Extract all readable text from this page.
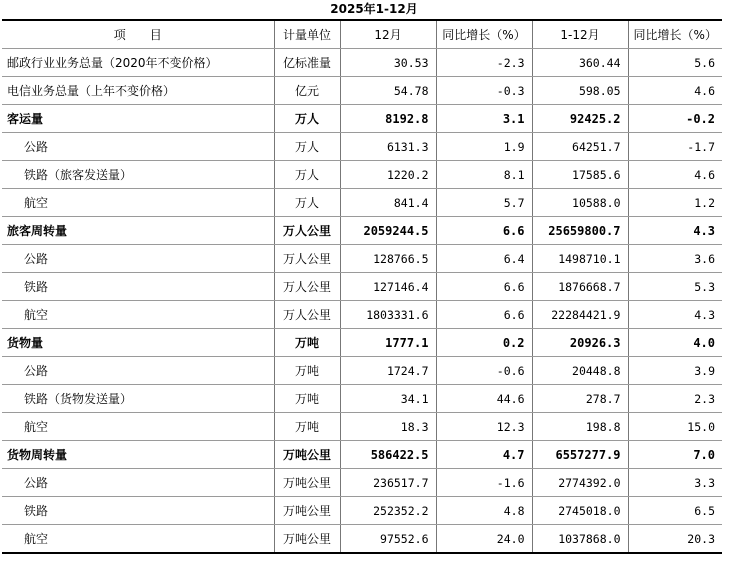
2025年1-12月
项　　目	计量单位	12月	同比增长（%）	1-12月	同比增长（%）
邮政行业业务总量（2020年不变价格）	亿标准量	30.53	-2.3	360.44	5.6
电信业务总量（上年不变价格）	亿元	54.78	-0.3	598.05	4.6
客运量	万人	8192.8	3.1	92425.2	-0.2
公路	万人	6131.3	1.9	64251.7	-1.7
铁路（旅客发送量）	万人	1220.2	8.1	17585.6	4.6
航空	万人	841.4	5.7	10588.0	1.2
旅客周转量	万人公里	2059244.5	6.6	25659800.7	4.3
公路	万人公里	128766.5	6.4	1498710.1	3.6
铁路	万人公里	127146.4	6.6	1876668.7	5.3
航空	万人公里	1803331.6	6.6	22284421.9	4.3
货物量	万吨	1777.1	0.2	20926.3	4.0
公路	万吨	1724.7	-0.6	20448.8	3.9
铁路（货物发送量）	万吨	34.1	44.6	278.7	2.3
航空	万吨	18.3	12.3	198.8	15.0
货物周转量	万吨公里	586422.5	4.7	6557277.9	7.0
公路	万吨公里	236517.7	-1.6	2774392.0	3.3
铁路	万吨公里	252352.2	4.8	2745018.0	6.5
航空	万吨公里	97552.6	24.0	1037868.0	20.3
